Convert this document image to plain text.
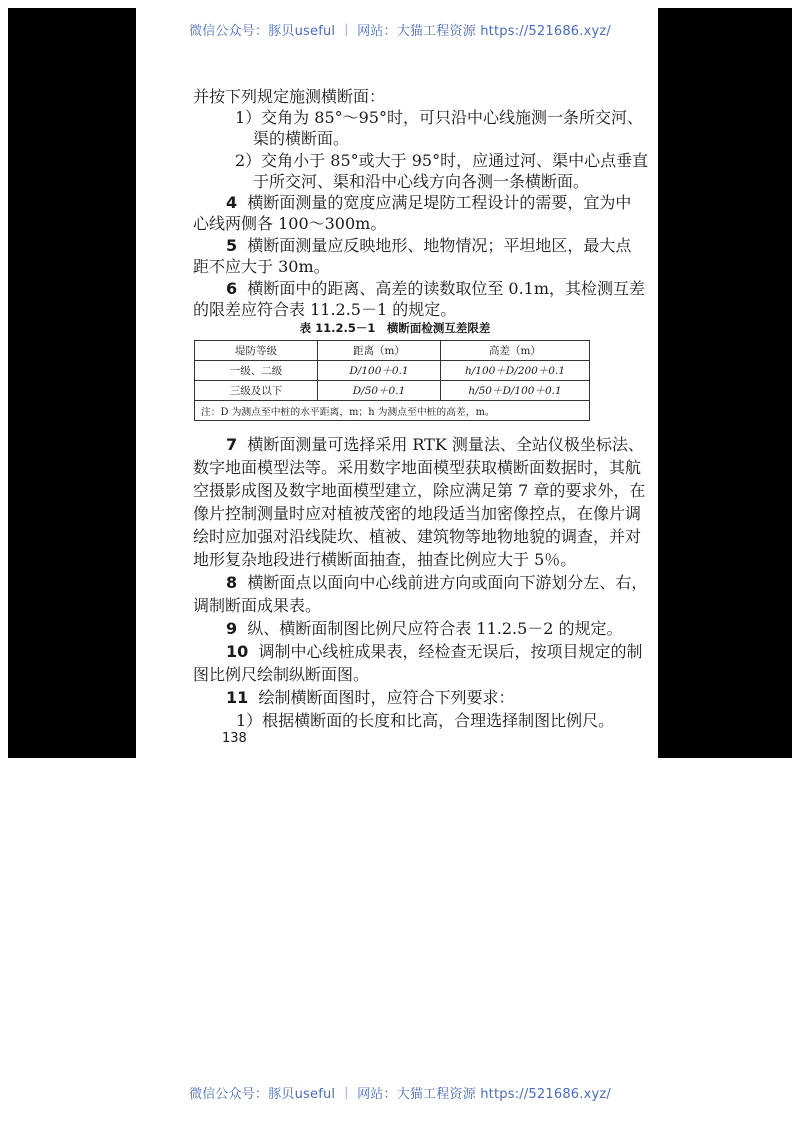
微信公众号：豚贝useful ｜ 网站：大猫工程资源 https://521686.xyz/
并按下列规定施测横断面：
1）交角为 85°～95°时，可只沿中心线施测一条所交河、
渠的横断面。
2）交角小于 85°或大于 95°时，应通过河、渠中心点垂直
于所交河、渠和沿中心线方向各测一条横断面。
4 横断面测量的宽度应满足堤防工程设计的需要，宜为中
心线两侧各 100～300m。
5 横断面测量应反映地形、地物情况；平坦地区，最大点
距不应大于 30m。
6 横断面中的距离、高差的读数取位至 0.1m，其检测互差
的限差应符合表 11.2.5－1 的规定。
表 11.2.5－1　横断面检测互差限差
堤防等级	距离（m）	高差（m）
一级、二级	D/100＋0.1	h/100＋D/200＋0.1
三级及以下	D/50＋0.1	h/50＋D/100＋0.1
注：D 为测点至中桩的水平距离，m；h 为测点至中桩的高差，m。		
7 横断面测量可选择采用 RTK 测量法、全站仪极坐标法、
数字地面模型法等。采用数字地面模型获取横断面数据时，其航
空摄影成图及数字地面模型建立，除应满足第 7 章的要求外，在
像片控制测量时应对植被茂密的地段适当加密像控点，在像片调
绘时应加强对沿线陡坎、植被、建筑物等地物地貌的调查，并对
地形复杂地段进行横断面抽查，抽查比例应大于 5％。
8 横断面点以面向中心线前进方向或面向下游划分左、右，
调制断面成果表。
9 纵、横断面制图比例尺应符合表 11.2.5－2 的规定。
10 调制中心线桩成果表，经检查无误后，按项目规定的制
图比例尺绘制纵断面图。
11 绘制横断面图时，应符合下列要求：
1）根据横断面的长度和比高，合理选择制图比例尺。
138
微信公众号：豚贝useful ｜ 网站：大猫工程资源 https://521686.xyz/
